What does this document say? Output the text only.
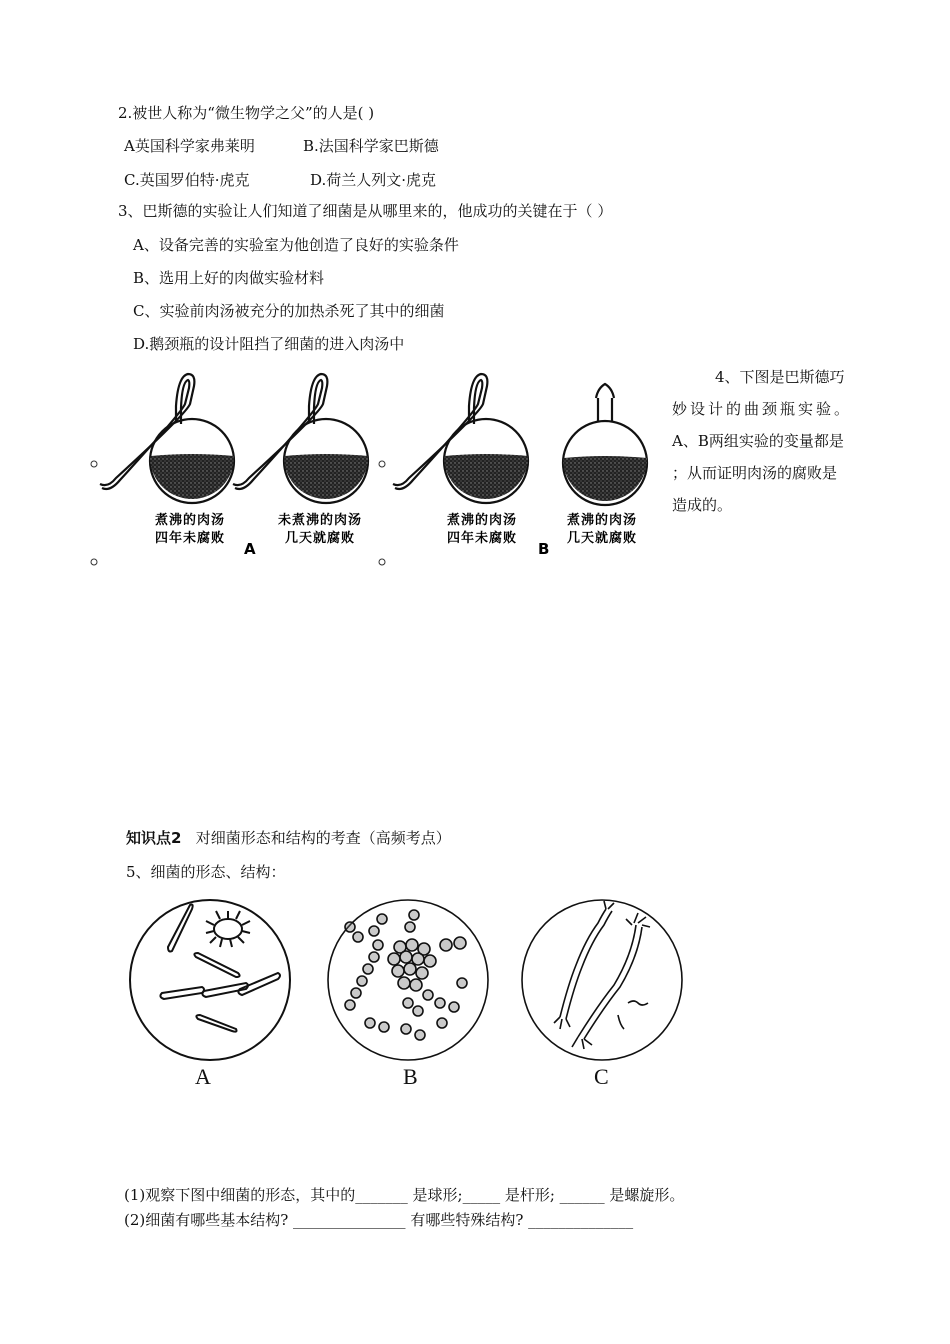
2.被世人称为“微生物学之父”的人是( )
A英国科学家弗莱明	B.法国科学家巴斯德
C.英国罗伯特·虎克	D.荷兰人列文·虎克
3、巴斯德的实验让人们知道了细菌是从哪里来的，他成功的关键在于（ ）
A、设备完善的实验室为他创造了良好的实验条件
B、选用上好的肉做实验材料
C、实验前肉汤被充分的加热杀死了其中的细菌
D.鹅颈瓶的设计阻挡了细菌的进入肉汤中
煮沸的肉汤
四年未腐败
未煮沸的肉汤
几天就腐败
煮沸的肉汤
四年未腐败
煮沸的肉汤
几天就腐败
A	B
4、下图是巴斯德巧
妙设计的曲颈瓶实验。
A、B两组实验的变量都是
；从而证明肉汤的腐败是
造成的。
知识点2 对细菌形态和结构的考查（高频考点）
5、细菌的形态、结构：
A	B	C
(1)观察下图中细菌的形态，其中的_______ 是球形;_____ 是杆形; ______ 是螺旋形。
(2)细菌有哪些基本结构? _______________ 有哪些特殊结构? ______________
